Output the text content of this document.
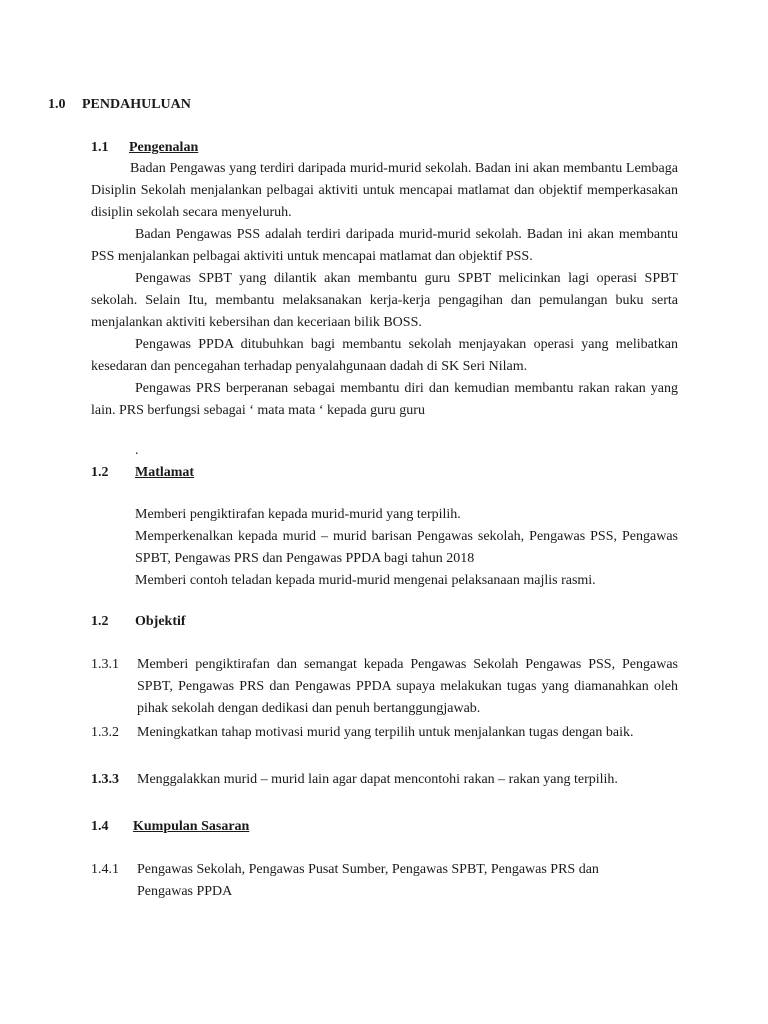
1.0 PENDAHULUAN
1.1 Pengenalan
Badan Pengawas yang terdiri daripada murid-murid sekolah. Badan ini akan membantu Lembaga Disiplin Sekolah menjalankan pelbagai aktiviti untuk mencapai matlamat dan objektif memperkasakan disiplin sekolah secara menyeluruh.
Badan Pengawas PSS adalah terdiri daripada murid-murid sekolah. Badan ini akan membantu PSS menjalankan pelbagai aktiviti untuk mencapai matlamat dan objektif PSS.
Pengawas SPBT yang dilantik akan membantu guru SPBT melicinkan lagi operasi SPBT sekolah. Selain Itu, membantu melaksanakan kerja-kerja pengagihan dan pemulangan buku serta menjalankan aktiviti kebersihan dan keceriaan bilik BOSS.
Pengawas PPDA ditubuhkan bagi membantu sekolah menjayakan operasi yang melibatkan kesedaran dan pencegahan terhadap penyalahgunaan dadah di SK Seri Nilam.
Pengawas PRS berperanan sebagai membantu diri dan kemudian membantu rakan rakan yang lain. PRS berfungsi sebagai ‘ mata mata ‘ kepada guru guru
.
1.2 Matlamat
Memberi pengiktirafan kepada murid-murid yang terpilih.
Memperkenalkan kepada murid – murid barisan Pengawas sekolah, Pengawas PSS, Pengawas SPBT, Pengawas PRS dan Pengawas PPDA bagi tahun 2018
Memberi contoh teladan kepada murid-murid mengenai pelaksanaan majlis rasmi.
1.2 Objektif
1.3.1 Memberi pengiktirafan dan semangat kepada Pengawas Sekolah Pengawas PSS, Pengawas SPBT, Pengawas PRS dan Pengawas PPDA supaya melakukan tugas yang diamanahkan oleh pihak sekolah dengan dedikasi dan penuh bertanggungjawab.
1.3.2 Meningkatkan tahap motivasi murid yang terpilih untuk menjalankan tugas dengan baik.
1.3.3 Menggalakkan murid – murid lain agar dapat mencontohi rakan – rakan yang terpilih.
1.4 Kumpulan Sasaran
1.4.1 Pengawas Sekolah, Pengawas Pusat Sumber, Pengawas SPBT, Pengawas PRS dan Pengawas PPDA
